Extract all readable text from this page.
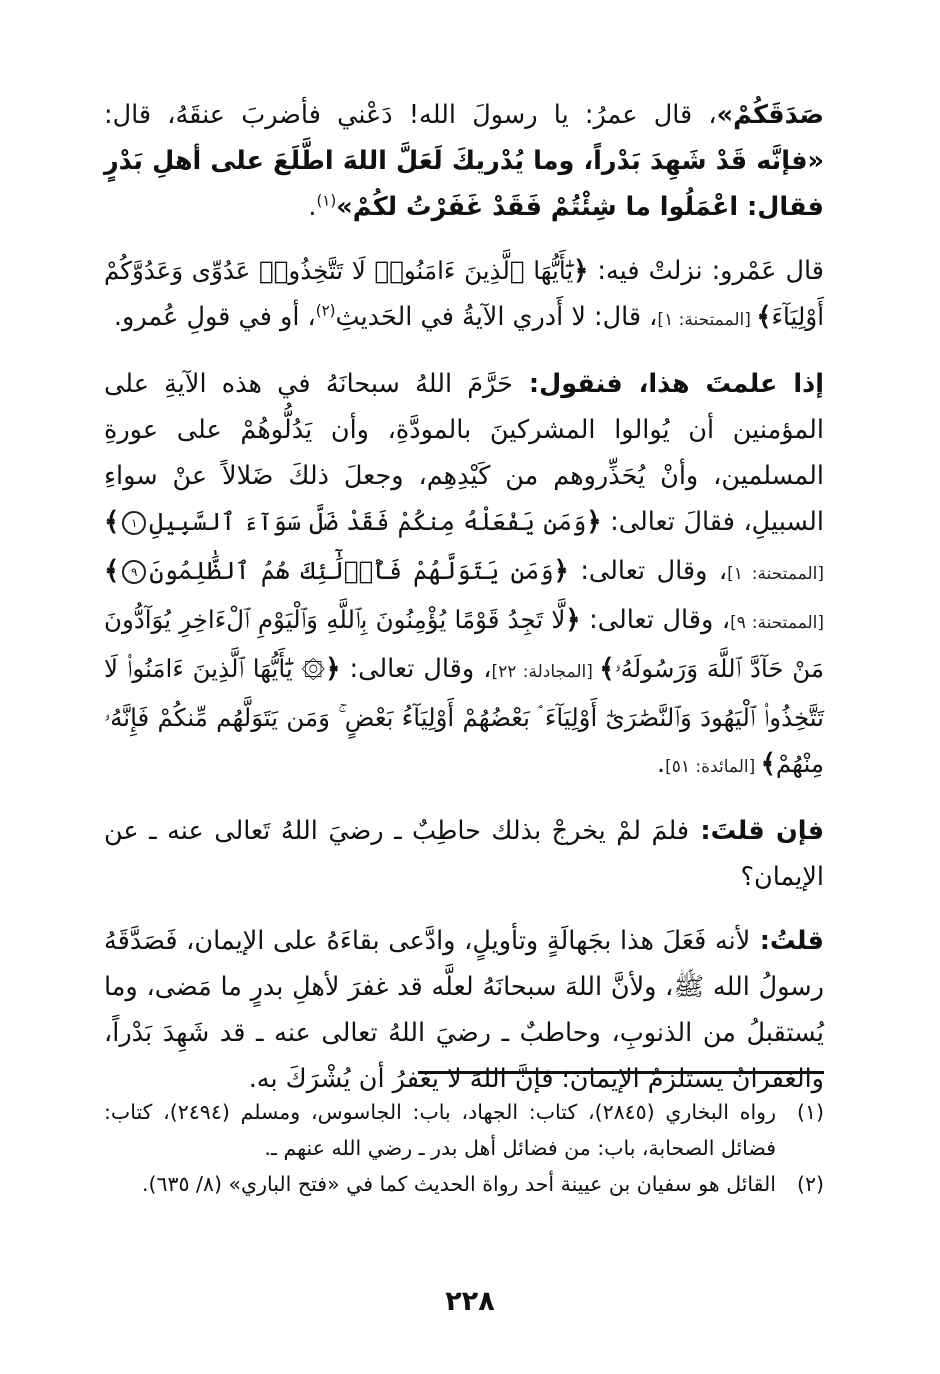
صَدَقَكُمْ»، قال عمرُ: يا رسولَ الله! دَعْني فأضربَ عنقَهُ، قال: «فإنَّه قَدْ شَهِدَ بَدْراً، وما يُدْريكَ لَعَلَّ اللهَ اطَّلَعَ على أهلِ بَدْرٍ فقال: اعْمَلُوا ما شِئْتُمْ فَقَدْ غَفَرْتُ لكُمْ»$^{(١)}$.

قال عَمْرو: نزلتْ فيه: ﴿يَٰٓأَيُّهَا ٱلَّذِينَ ءَامَنُوا۟ لَا تَتَّخِذُوا۟ عَدُوِّى وَعَدُوَّكُمْ أَوْلِيَآءَ﴾ [الممتحنة: ١]، قال: لا أَدري الآيةُ في الحَديثِ$^{(٢)}$، أو في قولِ عُمرو.

إذا علمتَ هذا، فنقول: حَرَّمَ اللهُ سبحانَهُ في هذه الآيةِ على المؤمنين أن يُوالوا المشركينَ بالمودَّةِ، وأن يَدُلُّوهُمْ على عورةِ المسلمين، وأنْ يُحَذِّروهم من كَيْدِهِم، وجعلَ ذلكَ ضَلالاً عنْ سواءِ السبيلِ، فقالَ تعالى: ﴿وَمَن يَفْعَلْهُ مِنكُمْ فَقَدْ ضَلَّ سَوَآءَ ٱلسَّبِيلِ١﴾ [الممتحنة: ١]، وقال تعالى: ﴿وَمَن يَتَوَلَّهُمْ فَأُو۟لَٰٓئِكَ هُمُ ٱلظَّٰلِمُونَ٩﴾ [الممتحنة: ٩]، وقال تعالى: ﴿لَّا تَجِدُ قَوْمًا يُؤْمِنُونَ بِٱللَّهِ وَٱلْيَوْمِ ٱلْءَاخِرِ يُوَآدُّونَ مَنْ حَآدَّ ٱللَّهَ وَرَسُولَهُۥ﴾ [المجادلة: ٢٢]، وقال تعالى: ﴿۞ يَٰٓأَيُّهَا ٱلَّذِينَ ءَامَنُوا۟ لَا تَتَّخِذُوا۟ ٱلْيَهُودَ وَٱلنَّصَٰرَىٰٓ أَوْلِيَآءَ ۘ بَعْضُهُمْ أَوْلِيَآءُ بَعْضٍ ۚ وَمَن يَتَوَلَّهُم مِّنكُمْ فَإِنَّهُۥ مِنْهُمْ﴾ [المائدة: ٥١].

فإن قلتَ: فلمَ لمْ يخرجْ بذلك حاطِبٌ ـ رضيَ اللهُ تَعالى عنه ـ عن الإيمان؟

قلتُ: لأنه فَعَلَ هذا بجَهالَةٍ وتأويلٍ، وادَّعى بقاءَهُ على الإيمان، فَصَدَّقَهُ رسولُ الله ﷺ، ولأنَّ اللهَ سبحانَهُ لعلَّه قد غفرَ لأهلِ بدرٍ ما مَضى، وما يُستقبلُ من الذنوبِ، وحاطبٌ ـ رضيَ اللهُ تعالى عنه ـ قد شَهِدَ بَدْراً، والغفرانُ يستلزمُ الإيمانَ؛ فإنَّ اللهَ لا يغفرُ أن يُشْرَكَ به.

(١)
رواه البخاري (٢٨٤٥)، كتاب: الجهاد، باب: الجاسوس، ومسلم (٢٤٩٤)، كتاب: فضائل الصحابة، باب: من فضائل أهل بدر ـ رضي الله عنهم ـ.
(٢)
القائل هو سفيان بن عيينة أحد رواة الحديث كما في «فتح الباري» (٨/ ٦٣٥).
٢٢٨
